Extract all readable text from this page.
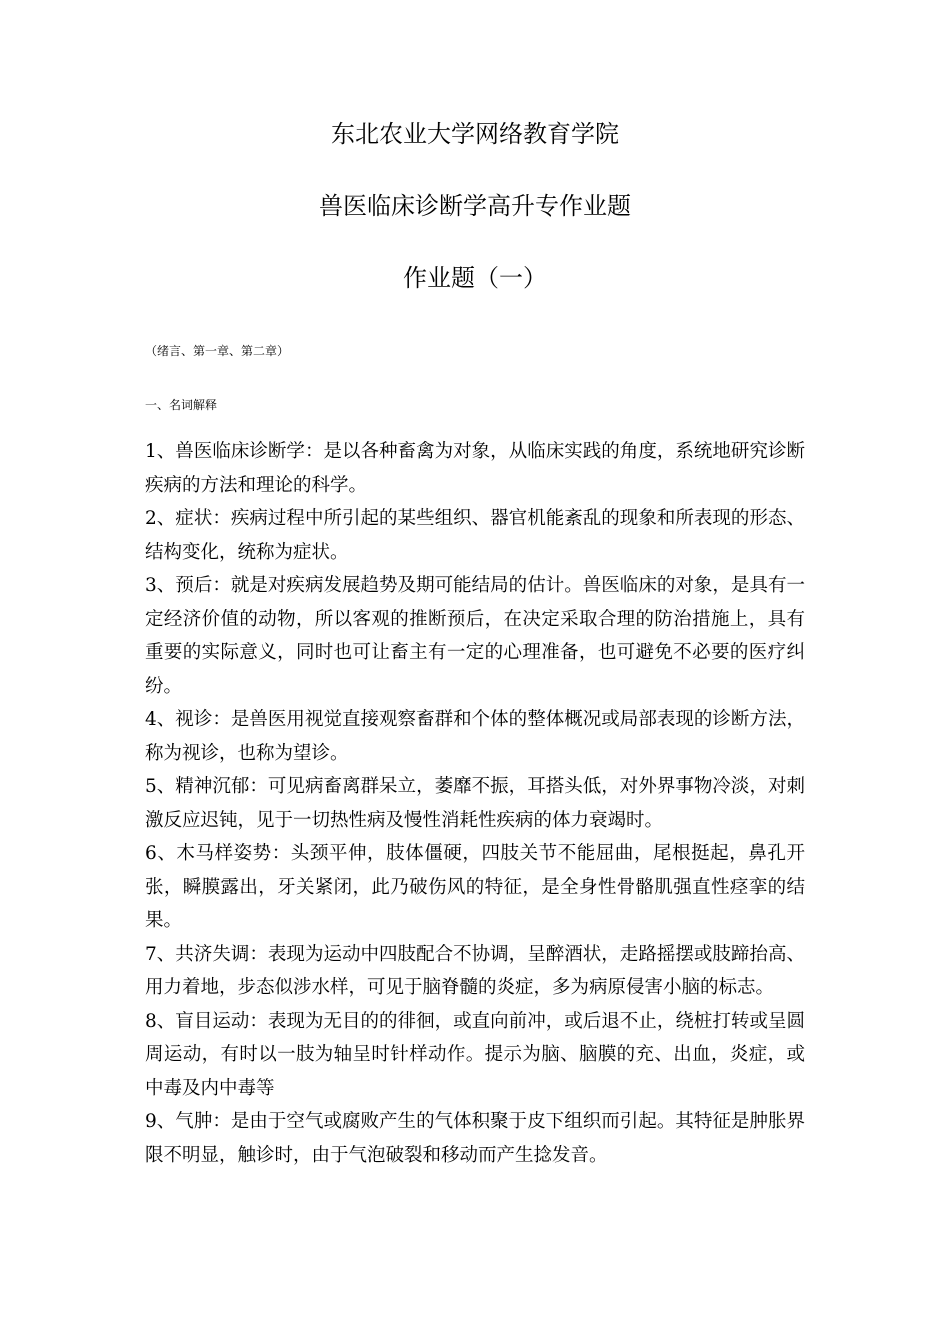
东北农业大学网络教育学院
兽医临床诊断学高升专作业题
作业题（一）
（绪言、第一章、第二章）
一、名词解释

1、兽医临床诊断学：是以各种畜禽为对象，从临床实践的角度，系统地研究诊断疾病的方法和理论的科学。

2、症状：疾病过程中所引起的某些组织、器官机能紊乱的现象和所表现的形态、结构变化，统称为症状。

3、预后：就是对疾病发展趋势及期可能结局的估计。兽医临床的对象，是具有一定经济价值的动物，所以客观的推断预后，在决定采取合理的防治措施上，具有重要的实际意义，同时也可让畜主有一定的心理准备，也可避免不必要的医疗纠纷。

4、视诊：是兽医用视觉直接观察畜群和个体的整体概况或局部表现的诊断方法，称为视诊，也称为望诊。

5、精神沉郁：可见病畜离群呆立，萎靡不振，耳搭头低，对外界事物冷淡，对刺激反应迟钝，见于一切热性病及慢性消耗性疾病的体力衰竭时。

6、木马样姿势：头颈平伸，肢体僵硬，四肢关节不能屈曲，尾根挺起，鼻孔开张，瞬膜露出，牙关紧闭，此乃破伤风的特征，是全身性骨骼肌强直性痉挛的结果。

7、共济失调：表现为运动中四肢配合不协调，呈醉酒状，走路摇摆或肢蹄抬高、用力着地，步态似涉水样，可见于脑脊髓的炎症，多为病原侵害小脑的标志。

8、盲目运动：表现为无目的的徘徊，或直向前冲，或后退不止，绕桩打转或呈圆周运动，有时以一肢为轴呈时针样动作。提示为脑、脑膜的充、出血，炎症，或中毒及内中毒等

9、气肿：是由于空气或腐败产生的气体积聚于皮下组织而引起。其特征是肿胀界限不明显，触诊时，由于气泡破裂和移动而产生捻发音。
